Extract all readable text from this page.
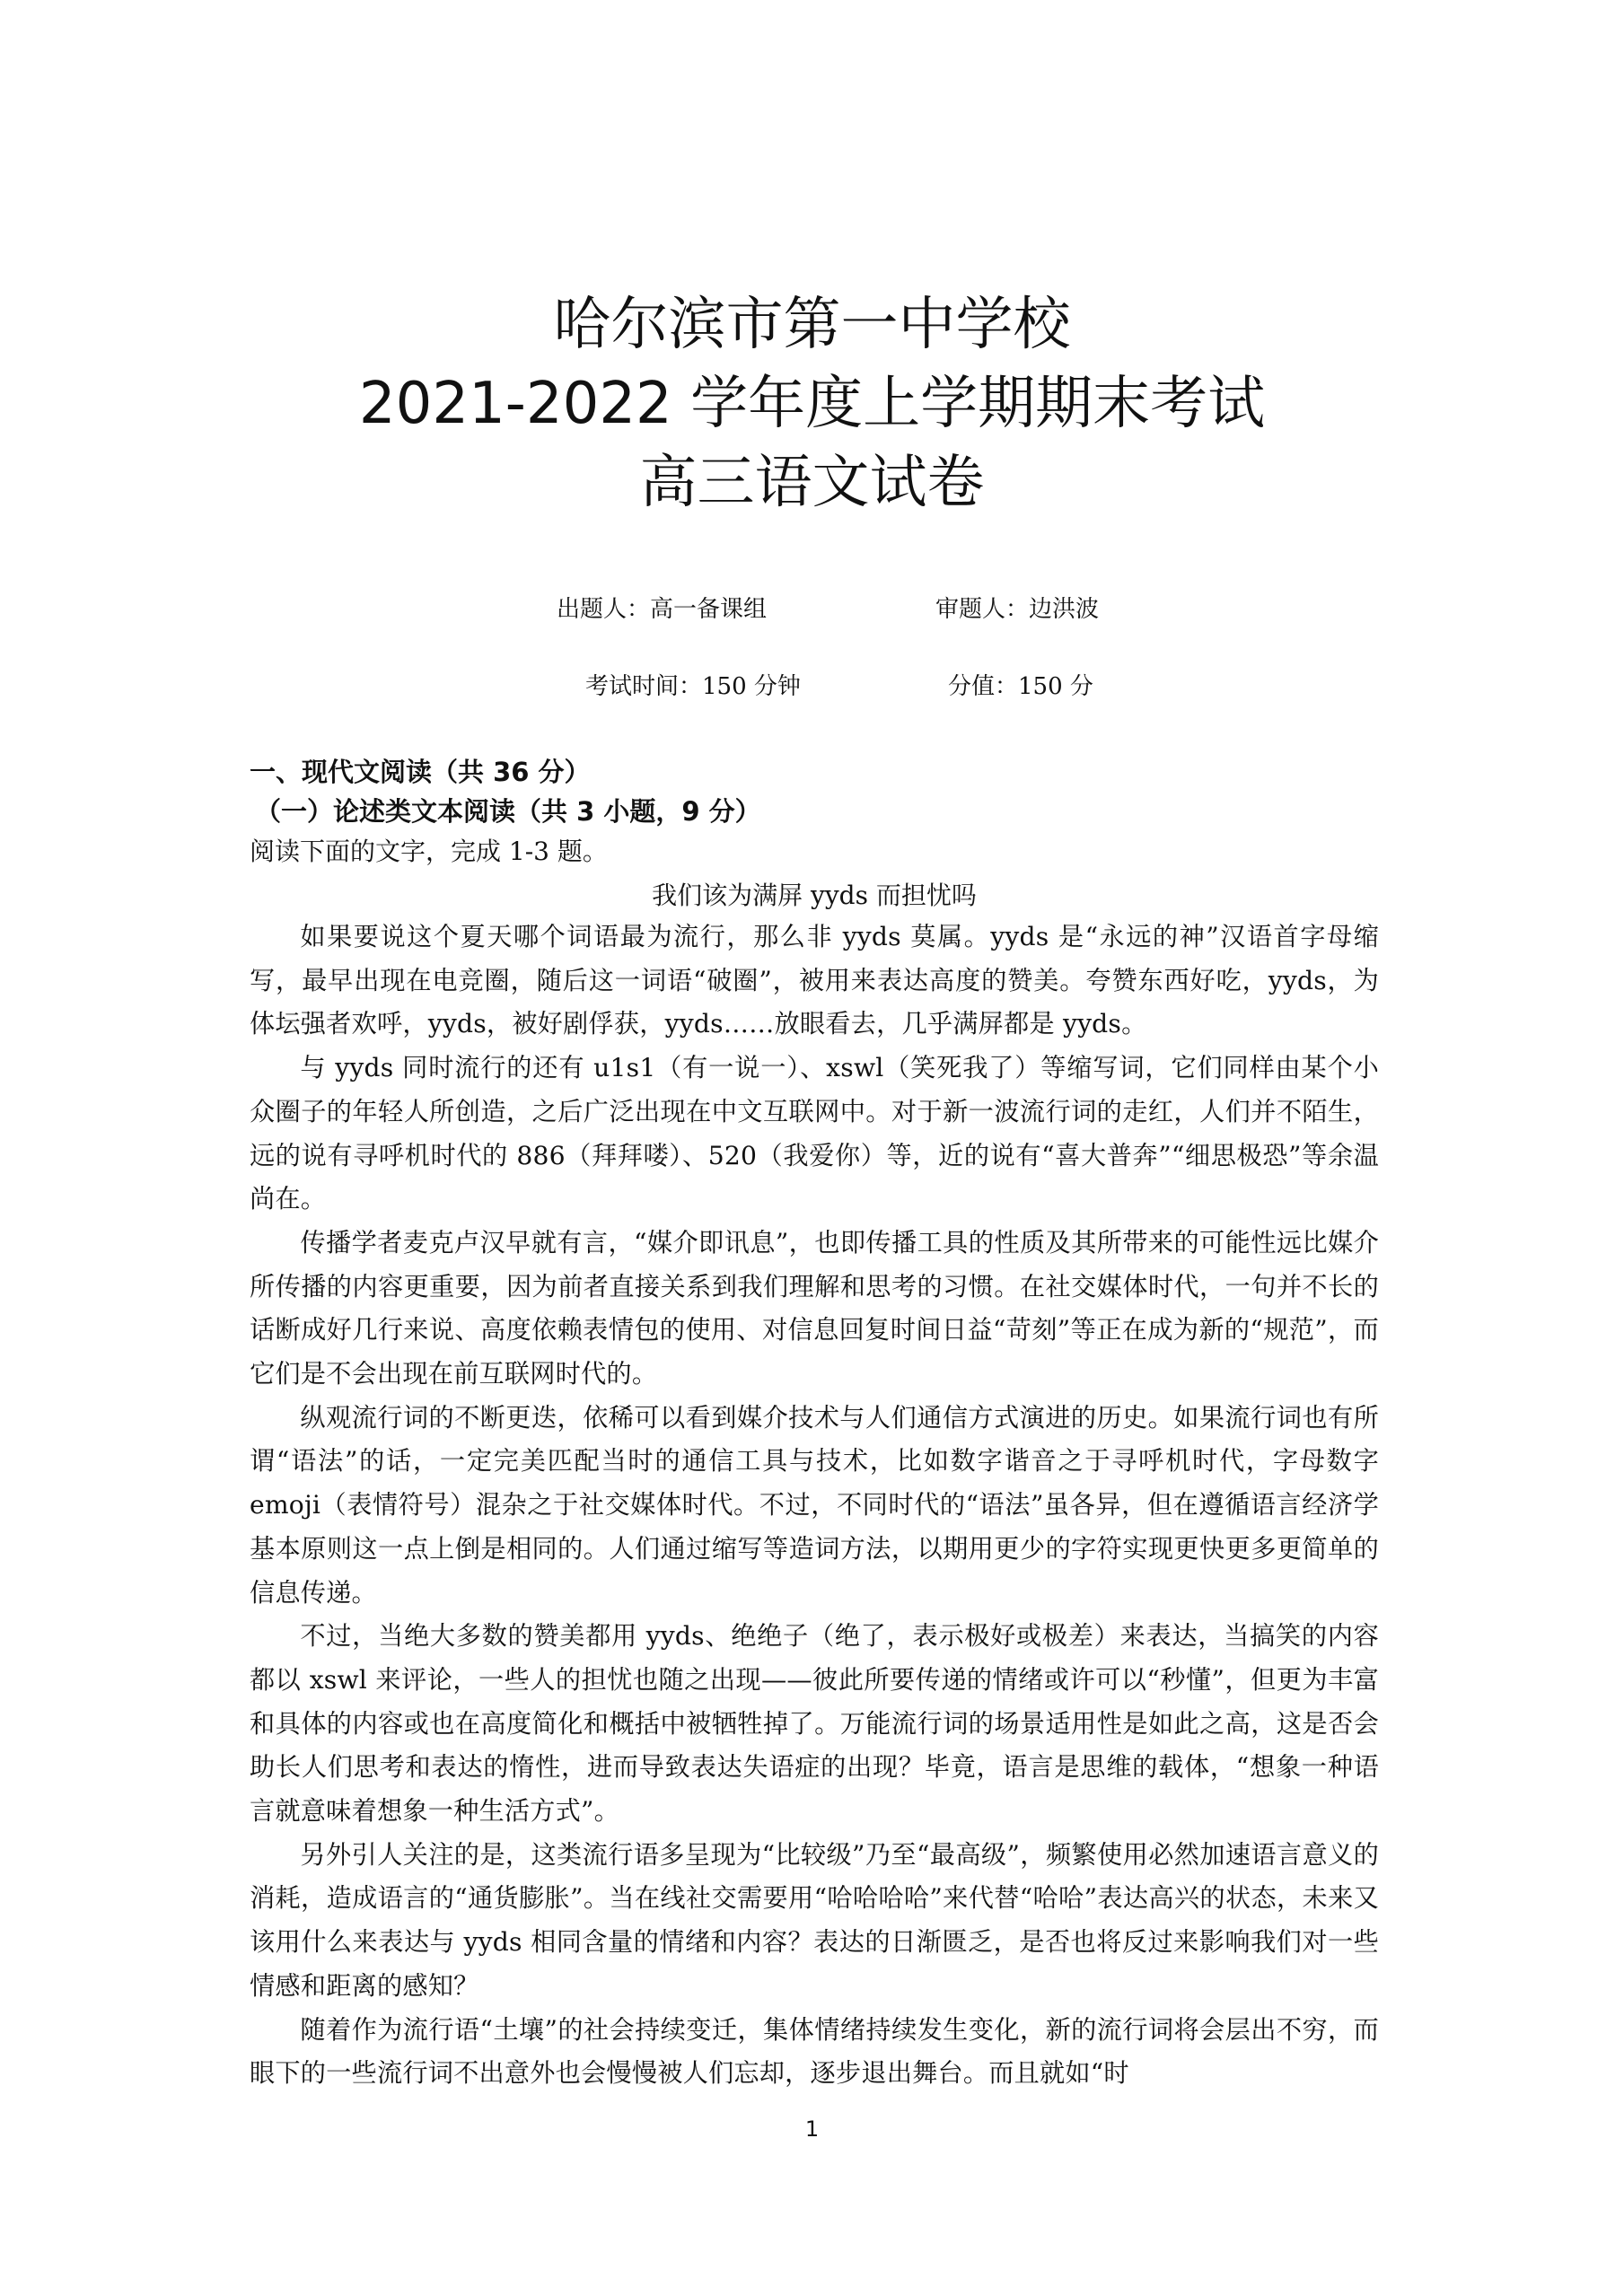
哈尔滨市第一中学校
2021-2022 学年度上学期期末考试
高三语文试卷
出题人：高一备课组	审题人：边洪波
考试时间：150 分钟	分值：150 分

一、现代文阅读（共 36 分）

（一）论述类文本阅读（共 3 小题，9 分）

阅读下面的文字，完成 1-3 题。

我们该为满屏 yyds 而担忧吗

如果要说这个夏天哪个词语最为流行，那么非 yyds 莫属。yyds 是“永远的神”汉语首字母缩写，最早出现在电竞圈，随后这一词语“破圈”，被用来表达高度的赞美。夸赞东西好吃，yyds，为体坛强者欢呼，yyds，被好剧俘获，yyds……放眼看去，几乎满屏都是 yyds。

与 yyds 同时流行的还有 u1s1（有一说一）、xswl（笑死我了）等缩写词，它们同样由某个小众圈子的年轻人所创造，之后广泛出现在中文互联网中。对于新一波流行词的走红，人们并不陌生，远的说有寻呼机时代的 886（拜拜喽）、520（我爱你）等，近的说有“喜大普奔”“细思极恐”等余温尚在。

传播学者麦克卢汉早就有言，“媒介即讯息”，也即传播工具的性质及其所带来的可能性远比媒介所传播的内容更重要，因为前者直接关系到我们理解和思考的习惯。在社交媒体时代，一句并不长的话断成好几行来说、高度依赖表情包的使用、对信息回复时间日益“苛刻”等正在成为新的“规范”，而它们是不会出现在前互联网时代的。

纵观流行词的不断更迭，依稀可以看到媒介技术与人们通信方式演进的历史。如果流行词也有所谓“语法”的话，一定完美匹配当时的通信工具与技术，比如数字谐音之于寻呼机时代，字母数字 emoji（表情符号）混杂之于社交媒体时代。不过，不同时代的“语法”虽各异，但在遵循语言经济学基本原则这一点上倒是相同的。人们通过缩写等造词方法，以期用更少的字符实现更快更多更简单的信息传递。

不过，当绝大多数的赞美都用 yyds、绝绝子（绝了，表示极好或极差）来表达，当搞笑的内容都以 xswl 来评论，一些人的担忧也随之出现——彼此所要传递的情绪或许可以“秒懂”，但更为丰富和具体的内容或也在高度简化和概括中被牺牲掉了。万能流行词的场景适用性是如此之高，这是否会助长人们思考和表达的惰性，进而导致表达失语症的出现？毕竟，语言是思维的载体，“想象一种语言就意味着想象一种生活方式”。

另外引人关注的是，这类流行语多呈现为“比较级”乃至“最高级”，频繁使用必然加速语言意义的消耗，造成语言的“通货膨胀”。当在线社交需要用“哈哈哈哈”来代替“哈哈”表达高兴的状态，未来又该用什么来表达与 yyds 相同含量的情绪和内容？表达的日渐匮乏，是否也将反过来影响我们对一些情感和距离的感知？

随着作为流行语“土壤”的社会持续变迁，集体情绪持续发生变化，新的流行词将会层出不穷，而眼下的一些流行词不出意外也会慢慢被人们忘却，逐步退出舞台。而且就如“时

1
